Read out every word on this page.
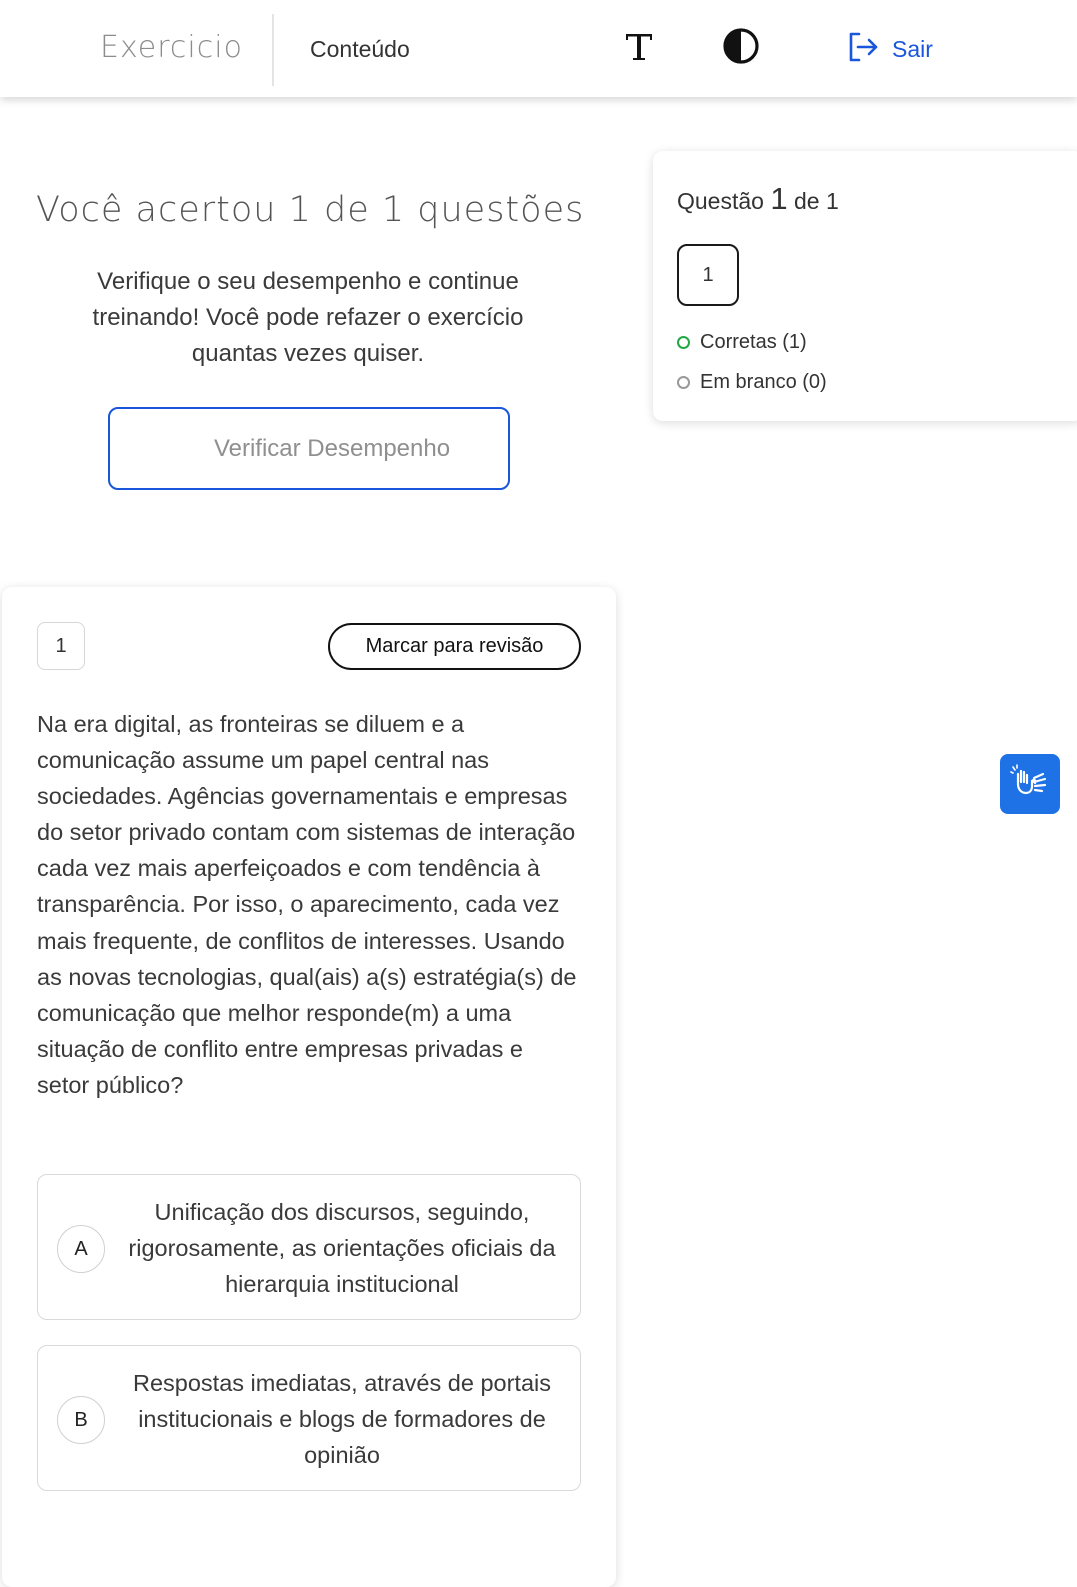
Exercicio	Conteúdo	Sair
Você acertou 1 de 1 questões

Verifique o seu desempenho e continue treinando! Você pode refazer o exercício quantas vezes quiser.

Verificar Desempenho
Questão 1 de 1
1
Corretas (1)
Em branco (0)
1	Marcar para revisão

Na era digital, as fronteiras se diluem e a comunicação assume um papel central nas sociedades. Agências governamentais e empresas do setor privado contam com sistemas de interação cada vez mais aperfeiçoados e com tendência à transparência. Por isso, o aparecimento, cada vez mais frequente, de conflitos de interesses. Usando as novas tecnologias, qual(ais) a(s) estratégia(s) de comunicação que melhor responde(m) a uma situação de conflito entre empresas privadas e setor público?

A
Unificação dos discursos, seguindo, rigorosamente, as orientações oficiais da hierarquia institucional
B
Respostas imediatas, através de portais institucionais e blogs de formadores de opinião
